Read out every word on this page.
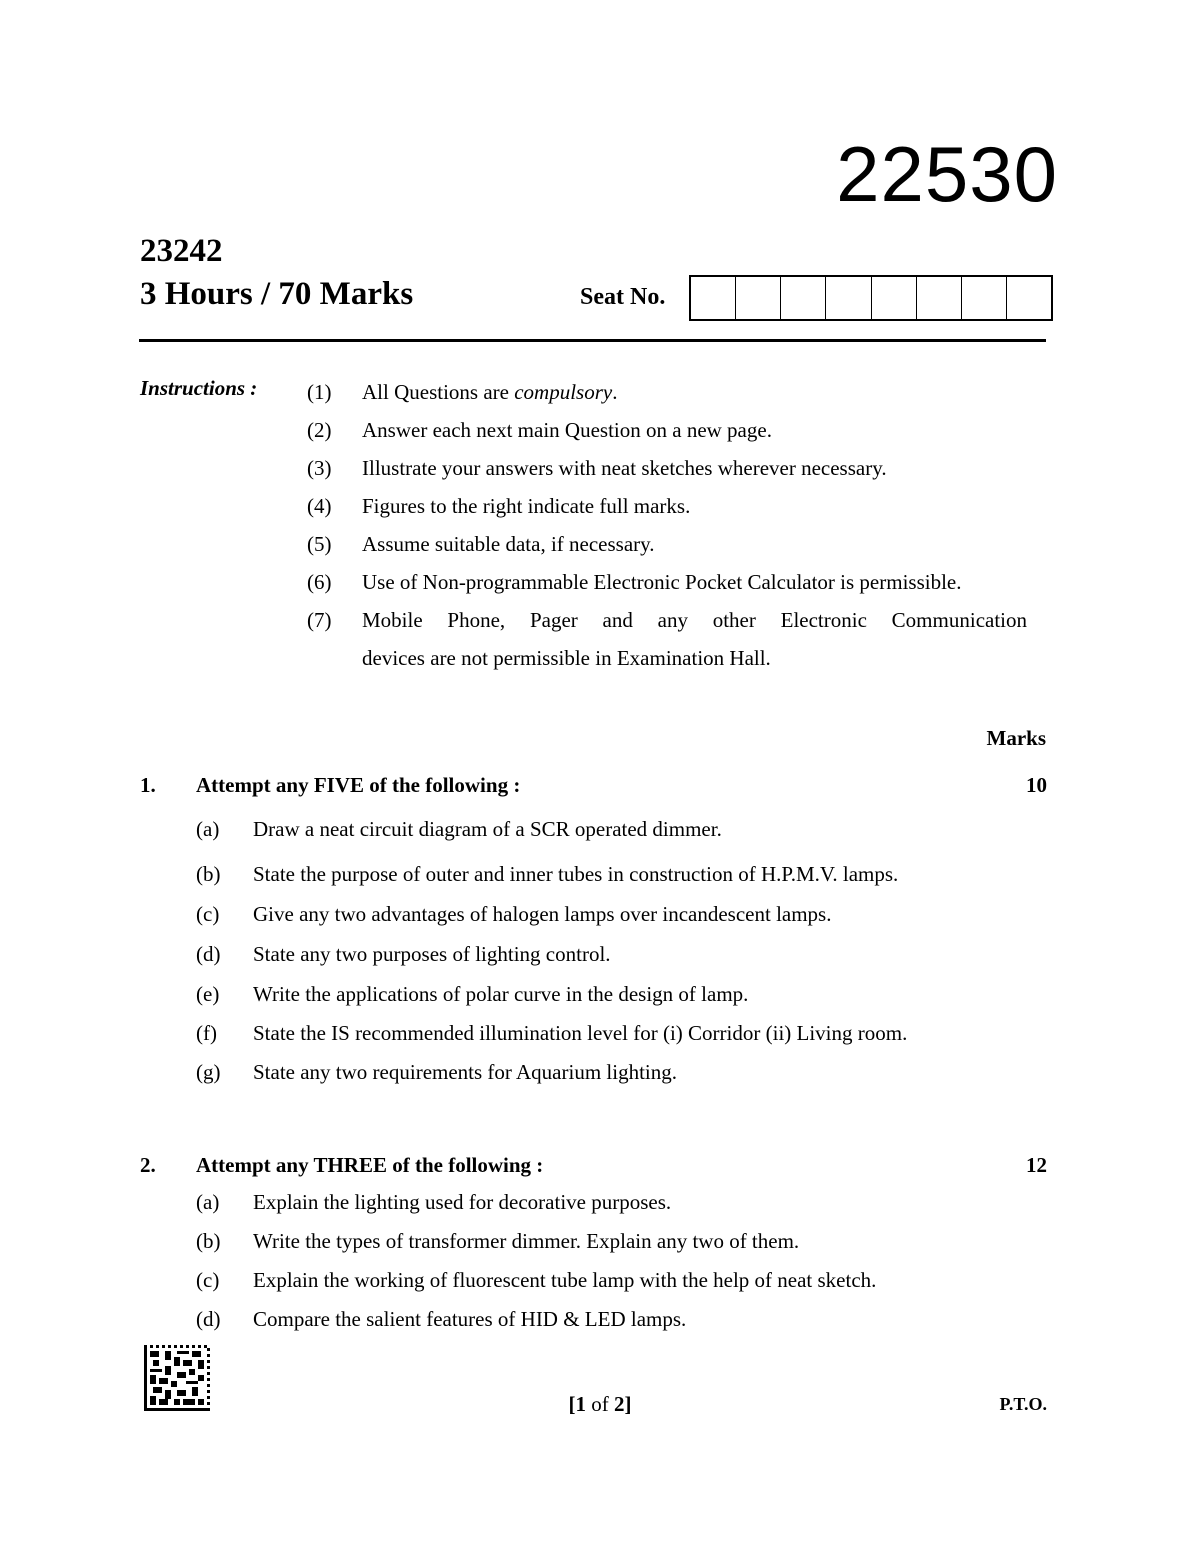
22530
23242
3 Hours / 70 Marks	Seat No.
Instructions : (1)	All Questions are compulsory.
(2)	Answer each next main Question on a new page.
(3)	Illustrate your answers with neat sketches wherever necessary.
(4)	Figures to the right indicate full marks.
(5)	Assume suitable data, if necessary.
(6)	Use of Non-programmable Electronic Pocket Calculator is permissible.
(7)	Mobile Phone, Pager and any other Electronic Communication
devices are not permissible in Examination Hall.
Marks
1.	Attempt any FIVE of the following :	10
(a)	Draw a neat circuit diagram of a SCR operated dimmer.
(b)	State the purpose of outer and inner tubes in construction of H.P.M.V. lamps.
(c)	Give any two advantages of halogen lamps over incandescent lamps.
(d)	State any two purposes of lighting control.
(e)	Write the applications of polar curve in the design of lamp.
(f)	State the IS recommended illumination level for (i) Corridor (ii) Living room.
(g)	State any two requirements for Aquarium lighting.
2.	Attempt any THREE of the following :	12
(a)	Explain the lighting used for decorative purposes.
(b)	Write the types of transformer dimmer. Explain any two of them.
(c)	Explain the working of fluorescent tube lamp with the help of neat sketch.
(d)	Compare the salient features of HID & LED lamps.
[1 of 2]	P.T.O.
